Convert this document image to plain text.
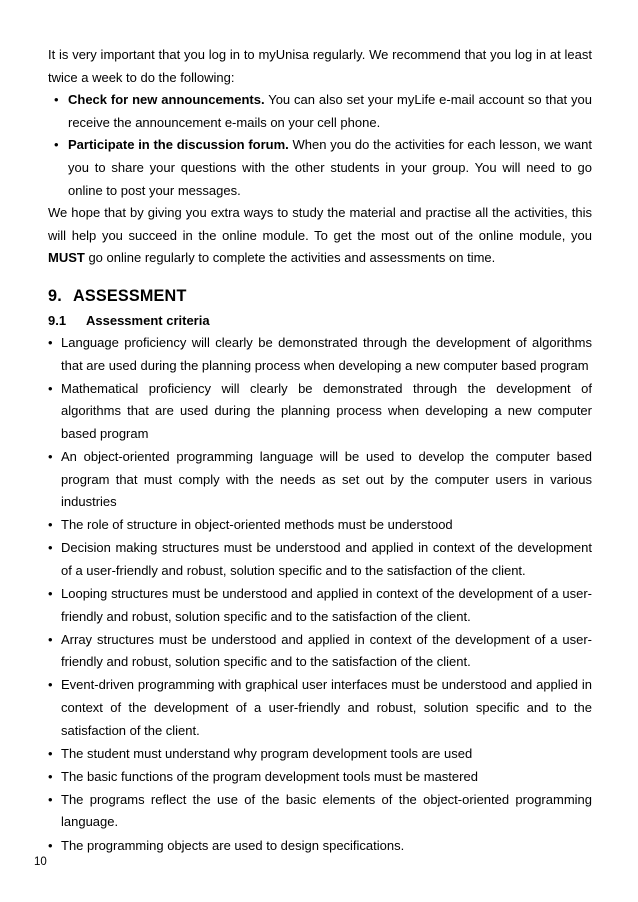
It is very important that you log in to myUnisa regularly. We recommend that you log in at least twice a week to do the following:

• Check for new announcements. You can also set your myLife e-mail account so that you receive the announcement e-mails on your cell phone.
• Participate in the discussion forum. When you do the activities for each lesson, we want you to share your questions with the other students in your group. You will need to go online to post your messages.

We hope that by giving you extra ways to study the material and practise all the activities, this will help you succeed in the online module. To get the most out of the online module, you MUST go online regularly to complete the activities and assessments on time.

9. ASSESSMENT
9.1 Assessment criteria
• Language proficiency will clearly be demonstrated through the development of algorithms that are used during the planning process when developing a new computer based program
• Mathematical proficiency will clearly be demonstrated through the development of algorithms that are used during the planning process when developing a new computer based program
• An object-oriented programming language will be used to develop the computer based program that must comply with the needs as set out by the computer users in various industries
• The role of structure in object-oriented methods must be understood
• Decision making structures must be understood and applied in context of the development of a user-friendly and robust, solution specific and to the satisfaction of the client.
• Looping structures must be understood and applied in context of the development of a user-friendly and robust, solution specific and to the satisfaction of the client.
• Array structures must be understood and applied in context of the development of a user-friendly and robust, solution specific and to the satisfaction of the client.
• Event-driven programming with graphical user interfaces must be understood and applied in context of the development of a user-friendly and robust, solution specific and to the satisfaction of the client.
• The student must understand why program development tools are used
• The basic functions of the program development tools must be mastered
• The programs reflect the use of the basic elements of the object-oriented programming language.
• The programming objects are used to design specifications.
10
